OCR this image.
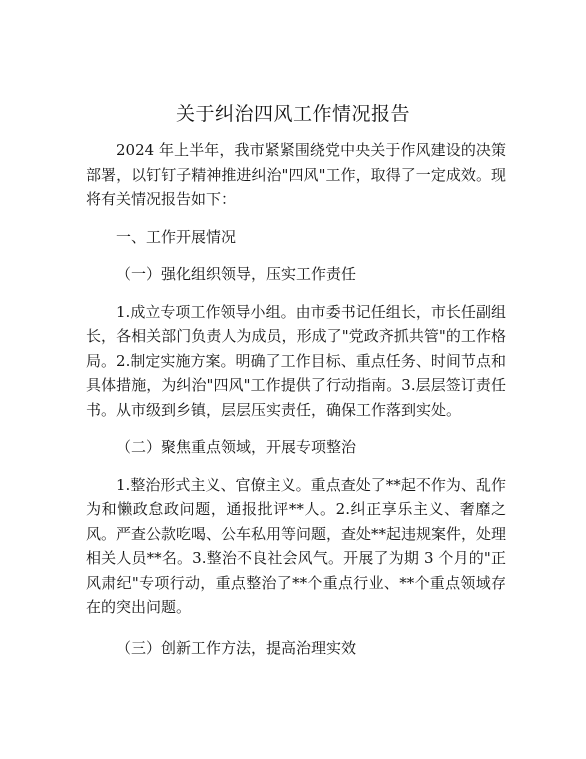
关于纠治四风工作情况报告

2024 年上半年，我市紧紧围绕党中央关于作风建设的决策部署，以钉钉子精神推进纠治"四风"工作，取得了一定成效。现将有关情况报告如下：

一、工作开展情况

（一）强化组织领导，压实工作责任

1.成立专项工作领导小组。由市委书记任组长，市长任副组长，各相关部门负责人为成员，形成了"党政齐抓共管"的工作格局。2.制定实施方案。明确了工作目标、重点任务、时间节点和具体措施，为纠治"四风"工作提供了行动指南。3.层层签订责任书。从市级到乡镇，层层压实责任，确保工作落到实处。

（二）聚焦重点领域，开展专项整治

1.整治形式主义、官僚主义。重点查处了**起不作为、乱作为和懒政怠政问题，通报批评**人。2.纠正享乐主义、奢靡之风。严查公款吃喝、公车私用等问题，查处**起违规案件，处理相关人员**名。3.整治不良社会风气。开展了为期 3 个月的"正风肃纪"专项行动，重点整治了**个重点行业、**个重点领域存在的突出问题。

（三）创新工作方法，提高治理实效
